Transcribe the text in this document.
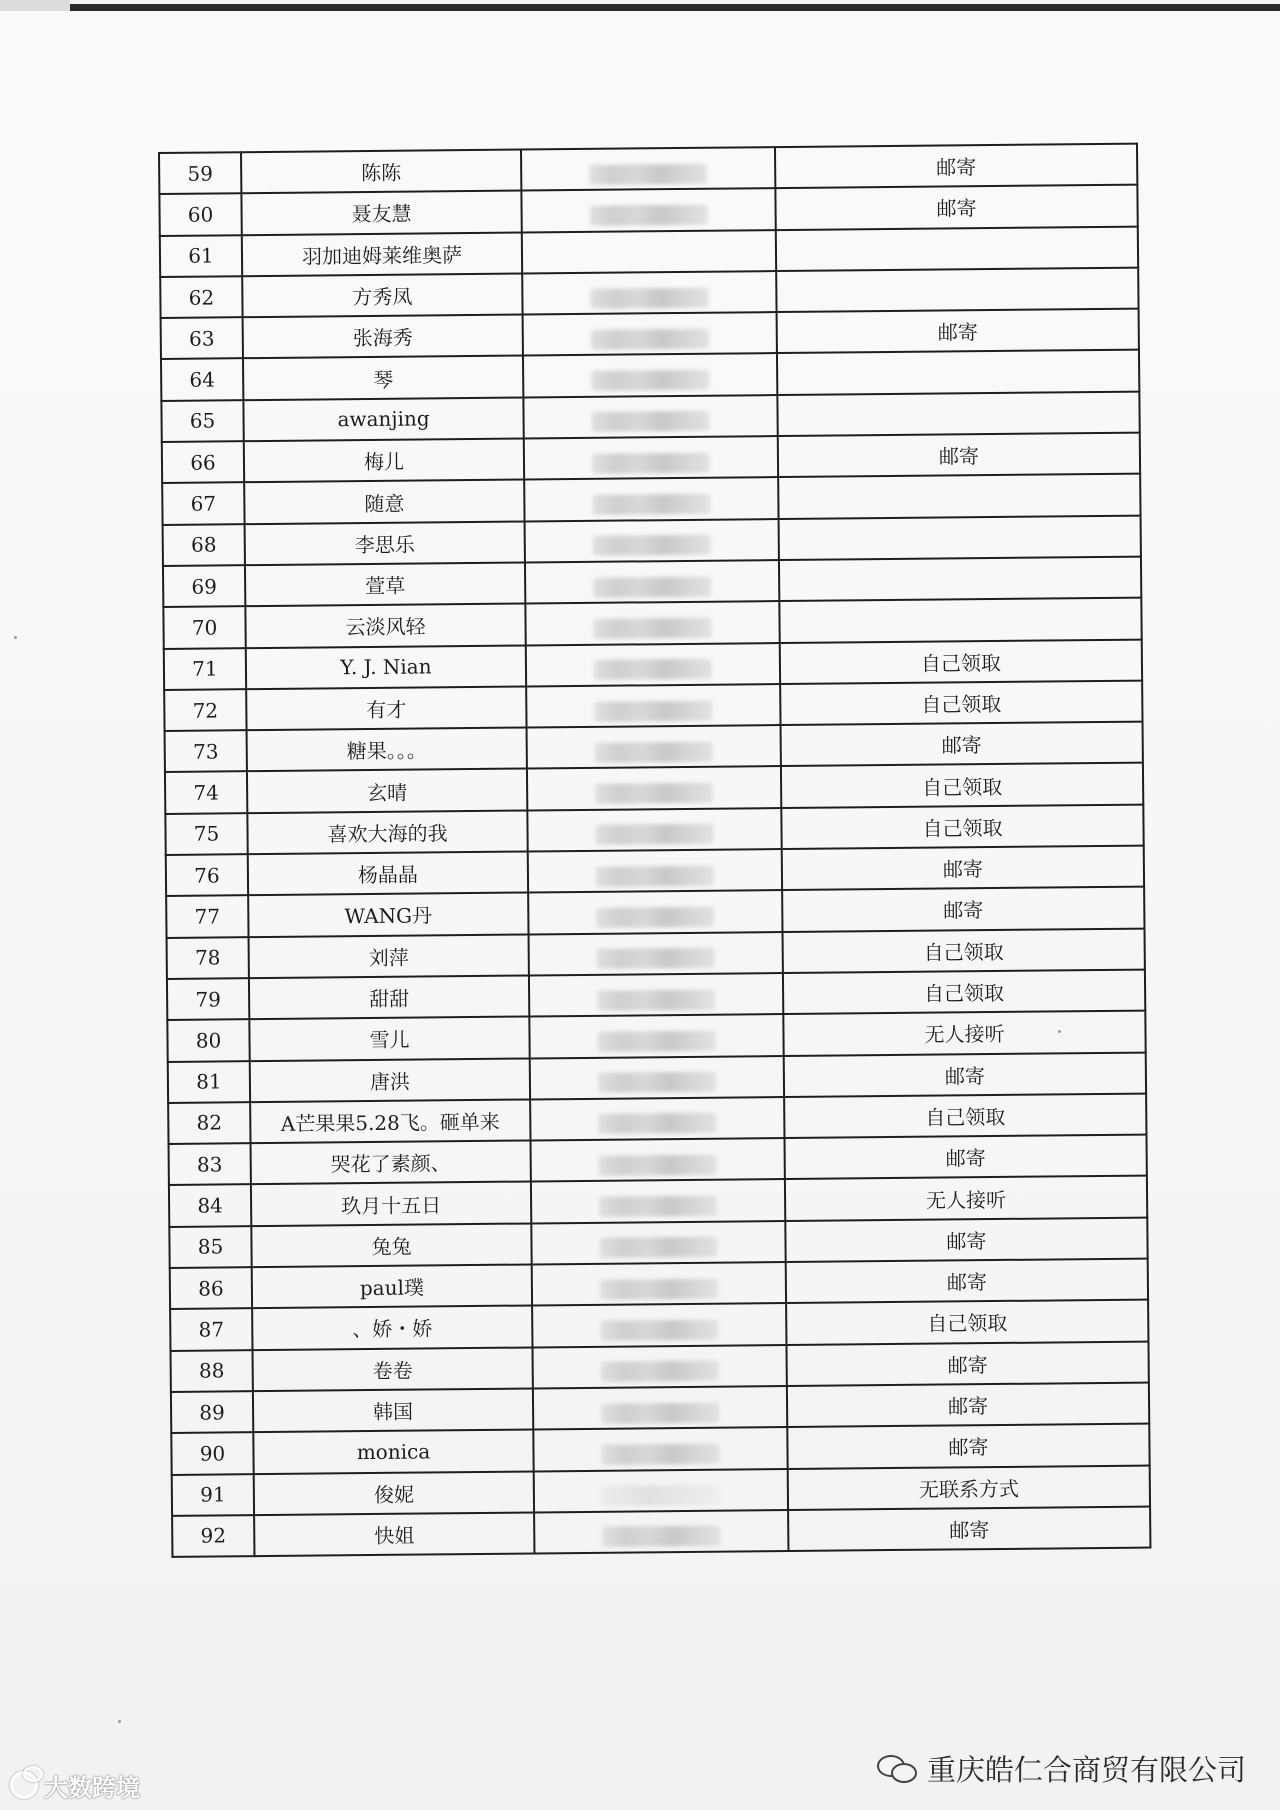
59	陈陈		邮寄
60	聂友慧		邮寄
61	羽加迪姆莱维奥萨		
62	方秀凤		
63	张海秀		邮寄
64	琴		
65	awanjing		
66	梅儿		邮寄
67	随意		
68	李思乐		
69	萱草		
70	云淡风轻		
71	Y. J. Nian		自己领取
72	有才		自己领取
73	糖果。。。		邮寄
74	玄晴		自己领取
75	喜欢大海的我		自己领取
76	杨晶晶		邮寄
77	WANG丹		邮寄
78	刘萍		自己领取
79	甜甜		自己领取
80	雪儿		无人接听
81	唐洪		邮寄
82	A芒果果5.28飞。砸单来		自己领取
83	哭花了素颜、		邮寄
84	玖月十五日		无人接听
85	兔兔		邮寄
86	paul璞		邮寄
87	、娇・娇		自己领取
88	卷卷		邮寄
89	韩国		邮寄
90	monica		邮寄
91	俊妮		无联系方式
92	快姐		邮寄
大数跨境
重庆皓仁合商贸有限公司
